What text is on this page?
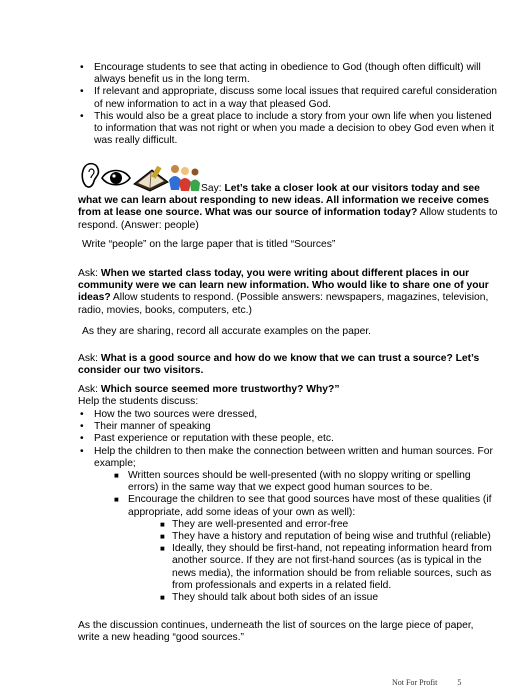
• Encourage students to see that acting in obedience to God (though often difficult) will always benefit us in the long term.
• If relevant and appropriate, discuss some local issues that required careful consideration of new information to act in a way that pleased God.
• This would also be a great place to include a story from your own life when you listened to information that was not right or when you made a decision to obey God even when it was really difficult.

Say: Let’s take a closer look at our visitors today and see what we can learn about responding to new ideas. All information we receive comes from at lease one source. What was our source of information today? Allow students to respond. (Answer: people)

Write “people” on the large paper that is titled “Sources”

Ask: When we started class today, you were writing about different places in our community were we can learn new information. Who would like to share one of your ideas? Allow students to respond. (Possible answers: newspapers, magazines, television, radio, movies, books, computers, etc.)

As they are sharing, record all accurate examples on the paper.

Ask: What is a good source and how do we know that we can trust a source? Let’s consider our two visitors.

Ask: Which source seemed more trustworthy? Why?”

Help the students discuss:

• How the two sources were dressed,
• Their manner of speaking
• Past experience or reputation with these people, etc.
• Help the children to then make the connection between written and human sources. For example;
■ Written sources should be well-presented (with no sloppy writing or spelling errors) in the same way that we expect good human sources to be.
■ Encourage the children to see that good sources have most of these qualities (if appropriate, add some ideas of your own as well):
■ They are well-presented and error-free
■ They have a history and reputation of being wise and truthful (reliable)
■ Ideally, they should be first-hand, not repeating information heard from another source. If they are not first-hand sources (as is typical in the news media), the information should be from reliable sources, such as from professionals and experts in a related field.
■ They should talk about both sides of an issue

As the discussion continues, underneath the list of sources on the large piece of paper, write a new heading “good sources.”

Not For Profit	5
